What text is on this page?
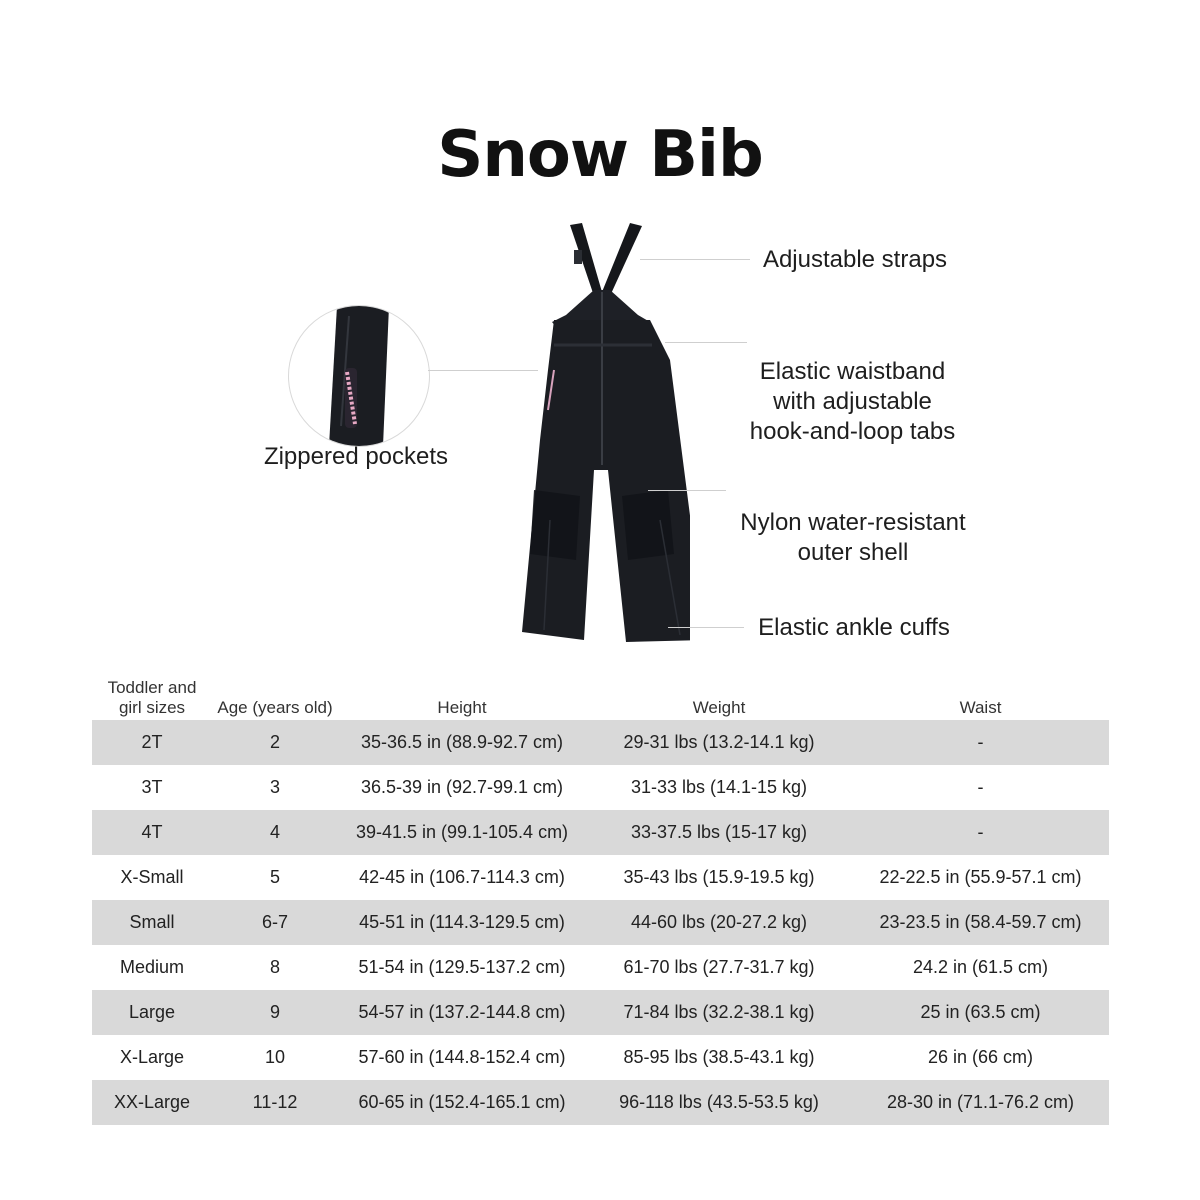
Snow Bib
Adjustable straps

Elastic waistband
with adjustable
hook-and-loop tabs

Nylon water-resistant
outer shell

Elastic ankle cuffs
Zippered pockets
Toddler and girl sizes	Age (years old)	Height	Weight	Waist
2T	2	35-36.5 in (88.9-92.7 cm)	29-31 lbs (13.2-14.1 kg)	-
3T	3	36.5-39 in (92.7-99.1 cm)	31-33 lbs (14.1-15 kg)	-
4T	4	39-41.5 in (99.1-105.4 cm)	33-37.5 lbs (15-17 kg)	-
X-Small	5	42-45 in (106.7-114.3 cm)	35-43 lbs (15.9-19.5 kg)	22-22.5 in (55.9-57.1 cm)
Small	6-7	45-51 in (114.3-129.5 cm)	44-60 lbs (20-27.2 kg)	23-23.5 in (58.4-59.7 cm)
Medium	8	51-54 in (129.5-137.2 cm)	61-70 lbs (27.7-31.7 kg)	24.2 in (61.5 cm)
Large	9	54-57 in (137.2-144.8 cm)	71-84 lbs (32.2-38.1 kg)	25 in (63.5 cm)
X-Large	10	57-60 in (144.8-152.4 cm)	85-95 lbs (38.5-43.1 kg)	26 in (66 cm)
XX-Large	11-12	60-65 in (152.4-165.1 cm)	96-118 lbs (43.5-53.5 kg)	28-30 in (71.1-76.2 cm)
